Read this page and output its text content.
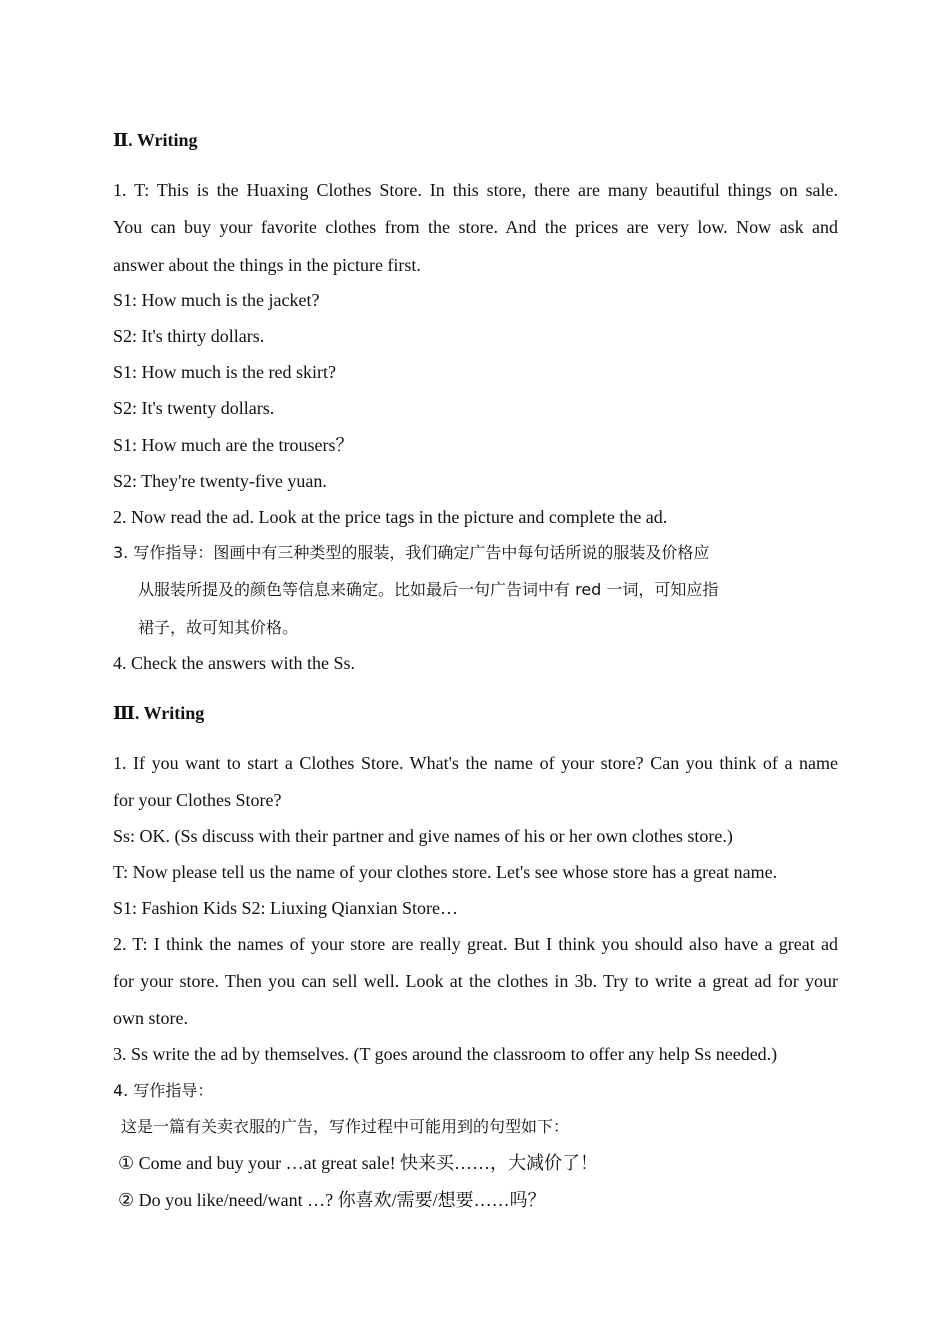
Ⅱ. Writing
1. T: This is the Huaxing Clothes Store. In this store, there are many beautiful things on sale.
You can buy your favorite clothes from the store. And the prices are very low. Now ask and
answer about the things in the picture first.
S1: How much is the jacket?
S2: It's thirty dollars.
S1: How much is the red skirt?
S2: It's twenty dollars.
S1: How much are the trousers？
S2: They're twenty-five yuan.
2. Now read the ad. Look at the price tags in the picture and complete the ad.
3. 写作指导：图画中有三种类型的服装，我们确定广告中每句话所说的服装及价格应
从服装所提及的颜色等信息来确定。比如最后一句广告词中有 red 一词，可知应指
裙子，故可知其价格。
4. Check the answers with the Ss.
Ⅲ. Writing
1. If you want to start a Clothes Store. What's the name of your store? Can you think of a name
for your Clothes Store?
Ss: OK. (Ss discuss with their partner and give names of his or her own clothes store.)
T: Now please tell us the name of your clothes store. Let's see whose store has a great name.
S1: Fashion Kids S2: Liuxing Qianxian Store…
2. T: I think the names of your store are really great. But I think you should also have a great ad
for your store. Then you can sell well. Look at the clothes in 3b. Try to write a great ad for your
own store.
3. Ss write the ad by themselves. (T goes around the classroom to offer any help Ss needed.)
4. 写作指导：
这是一篇有关卖衣服的广告，写作过程中可能用到的句型如下：
① Come and buy your …at great sale! 快来买……，大减价了！
② Do you like/need/want …? 你喜欢/需要/想要……吗？
